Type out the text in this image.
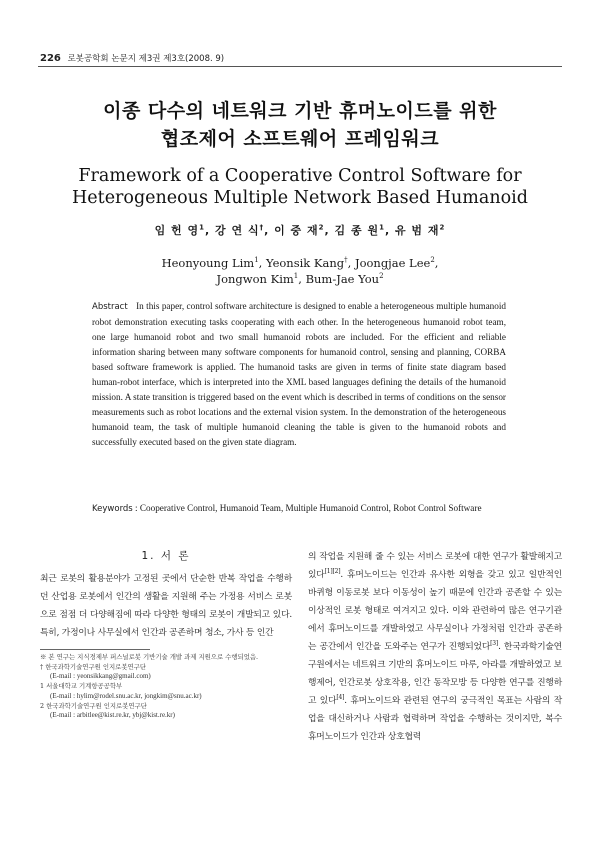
226 로봇공학회 논문지 제3권 제3호(2008. 9)
이종 다수의 네트워크 기반 휴머노이드를 위한
협조제어 소프트웨어 프레임워크
Framework of a Cooperative Control Software for
Heterogeneous Multiple Network Based Humanoid
임 헌 영$^1$, 강 연 식†, 이 중 재$^2$, 김 종 원$^1$, 유 범 재$^2$
Heonyoung Lim$^1$, Yeonsik Kang†, Joongjae Lee$^2$,
Jongwon Kim$^1$, Bum-Jae You$^2$
Abstract In this paper, control software architecture is designed to enable a heterogeneous multiple humanoid robot demonstration executing tasks cooperating with each other. In the heterogeneous humanoid robot team, one large humanoid robot and two small humanoid robots are included. For the efficient and reliable information sharing between many software components for humanoid control, sensing and planning, CORBA based software framework is applied. The humanoid tasks are given in terms of finite state diagram based human-robot interface, which is interpreted into the XML based languages defining the details of the humanoid mission. A state transition is triggered based on the event which is described in terms of conditions on the sensor measurements such as robot locations and the external vision system. In the demonstration of the heterogeneous humanoid team, the task of multiple humanoid cleaning the table is given to the humanoid robots and successfully executed based on the given state diagram.
Keywords : Cooperative Control, Humanoid Team, Multiple Humanoid Control, Robot Control Software
1. 서 론
최근 로봇의 활용분야가 고정된 곳에서 단순한 반복 작업을 수행하던 산업용 로봇에서 인간의 생활을 지원해 주는 가정용 서비스 로봇으로 점점 더 다양해짐에 따라 다양한 형태의 로봇이 개발되고 있다. 특히, 가정이나 사무실에서 인간과 공존하며 청소, 가사 등 인간
의 작업을 지원해 줄 수 있는 서비스 로봇에 대한 연구가 활발해지고 있다[1][2]. 휴머노이드는 인간과 유사한 외형을 갖고 있고 일반적인 바퀴형 이동로봇 보다 이동성이 높기 때문에 인간과 공존할 수 있는 이상적인 로봇 형태로 여겨지고 있다. 이와 관련하여 많은 연구기관에서 휴머노이드를 개발하였고 사무실이나 가정처럼 인간과 공존하는 공간에서 인간을 도와주는 연구가 진행되었다[3]. 한국과학기술연구원에서는 네트워크 기반의 휴머노이드 마루, 아라를 개발하였고 보행제어, 인간로봇 상호작용, 인간 동작모방 등 다양한 연구를 진행하고 있다[4]. 휴머노이드와 관련된 연구의 궁극적인 목표는 사람의 작업을 대신하거나 사람과 협력하며 작업을 수행하는 것이지만, 복수 휴머노이드가 인간과 상호협력
※ 본 연구는 지식경제부 퍼스널로봇 기반기술 개발 과제 지원으로 수행되었음.
† 한국과학기술연구원 인지로봇연구단
(E-mail : yeonsikkang@gmail.com)
1 서울대학교 기계항공공학부
(E-mail : hylim@rodel.snu.ac.kr, jongkim@snu.ac.kr)
2 한국과학기술연구원 인지로봇연구단
(E-mail : arbitlee@kist.re.kr, ybj@kist.re.kr)
